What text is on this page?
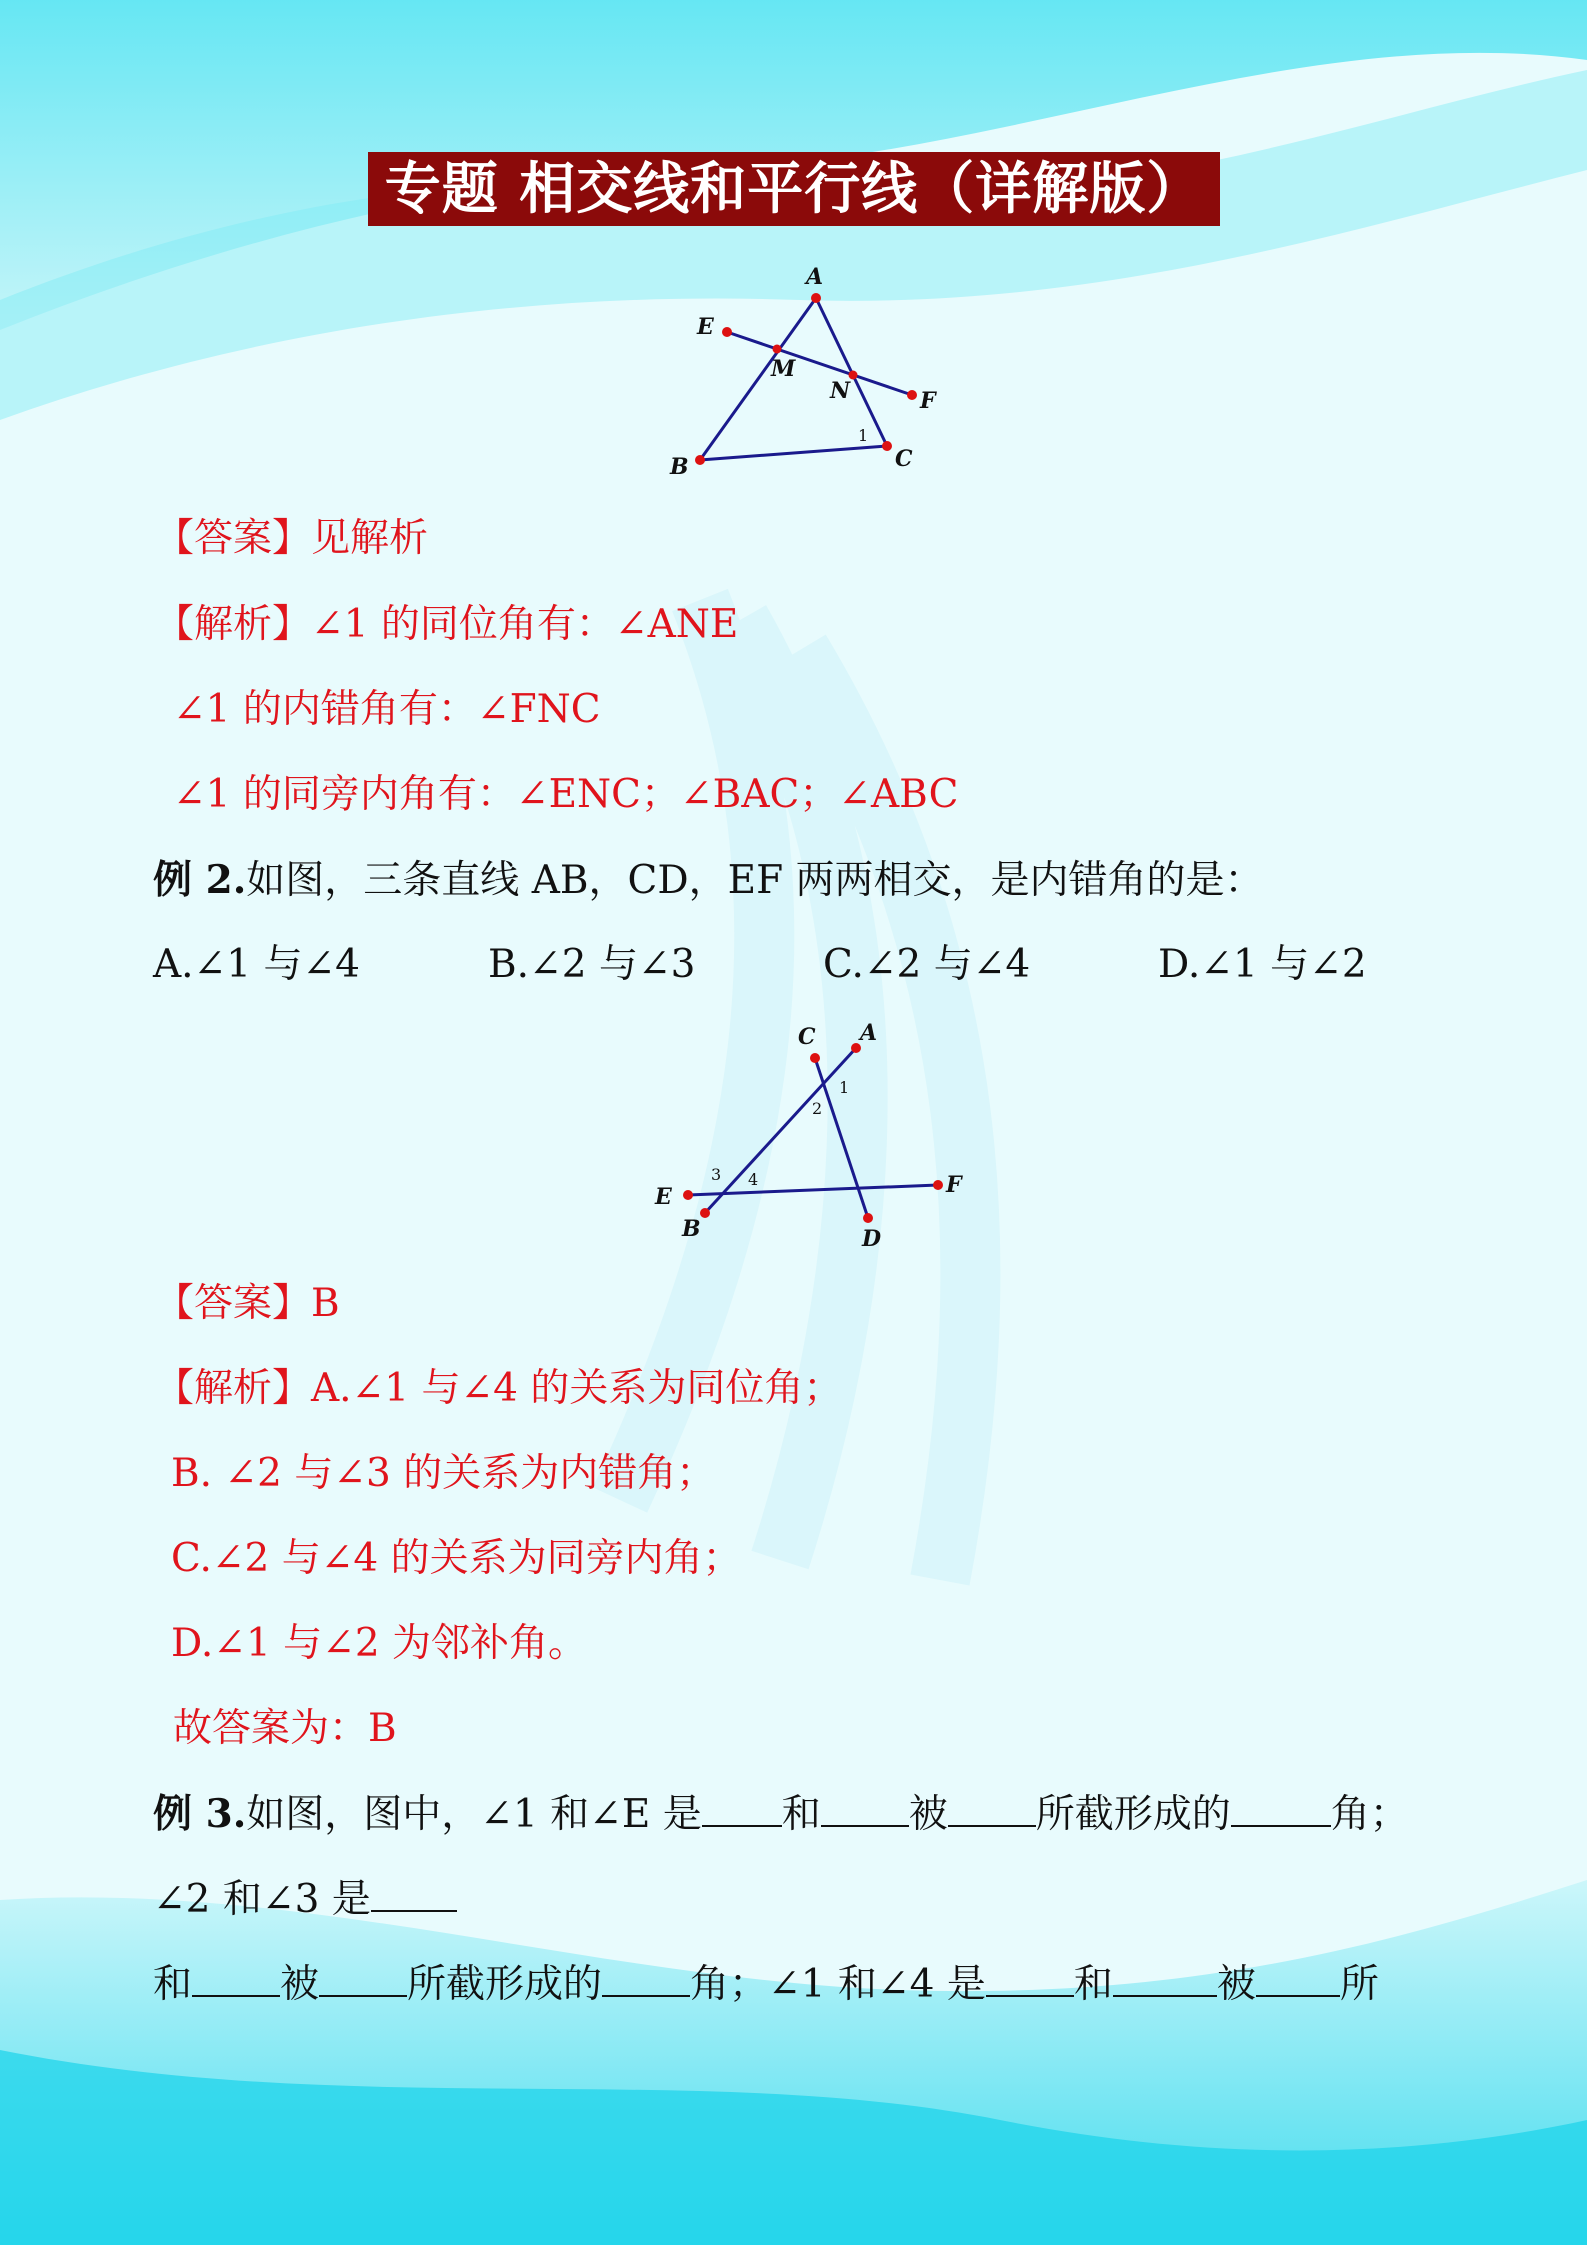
专题 相交线和平行线（详解版）
A
B	C
E
F
M
N
1
【答案】见解析
【解析】∠1 的同位角有：∠ANE
∠1 的内错角有：∠FNC
∠1 的同旁内角有：∠ENC；∠BAC；∠ABC
例 2.如图，三条直线 AB，CD，EF 两两相交，是内错角的是：
A.∠1 与∠4	B.∠2 与∠3	C.∠2 与∠4	D.∠1 与∠2
A
B
C
D
E	F
1
2
3 4
【答案】B
【解析】A.∠1 与∠4 的关系为同位角；
B. ∠2 与∠3 的关系为内错角；
C.∠2 与∠4 的关系为同旁内角；
D.∠1 与∠2 为邻补角。
故答案为：B
例 3.如图，图中，∠1 和∠E 是 和 被 所截形成的	角；
∠2 和∠3 是
和 被 所截形成的 角；∠1 和∠4 是 和	被 所
